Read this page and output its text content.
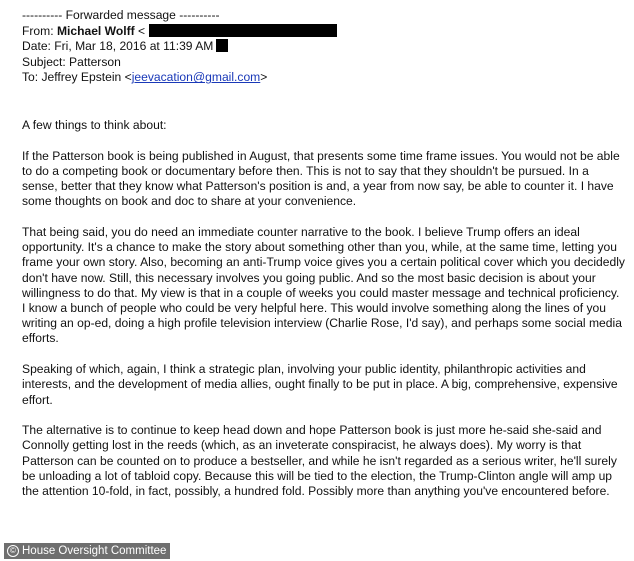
---------- Forwarded message ----------
From: Michael Wolff <
Date: Fri, Mar 18, 2016 at 11:39 AM
Subject: Patterson
To: Jeffrey Epstein <jeevacation@gmail.com>

A few things to think about:

If the Patterson book is being published in August, that presents some time frame issues. You would not be able to do a competing book or documentary before then. This is not to say that they shouldn't be pursued. In a sense, better that they know what Patterson's position is and, a year from now say, be able to counter it. I have some thoughts on book and doc to share at your convenience.

That being said, you do need an immediate counter narrative to the book. I believe Trump offers an ideal opportunity. It's a chance to make the story about something other than you, while, at the same time, letting you frame your own story. Also, becoming an anti-Trump voice gives you a certain political cover which you decidedly don't have now. Still, this necessary involves you going public. And so the most basic decision is about your willingness to do that. My view is that in a couple of weeks you could master message and technical proficiency. I know a bunch of people who could be very helpful here. This would involve something along the lines of you writing an op-ed, doing a high profile television interview (Charlie Rose, I'd say), and perhaps some social media efforts.

Speaking of which, again, I think a strategic plan, involving your public identity, philanthropic activities and interests, and the development of media allies, ought finally to be put in place. A big, comprehensive, expensive effort.

The alternative is to continue to keep head down and hope Patterson book is just more he-said she-said and Connolly getting lost in the reeds (which, as an inveterate conspiracist, he always does). My worry is that Patterson can be counted on to produce a bestseller, and while he isn't regarded as a serious writer, he'll surely be unloading a lot of tabloid copy. Because this will be tied to the election, the Trump-Clinton angle will amp up the attention 10-fold, in fact, possibly, a hundred fold. Possibly more than anything you've encountered before.

© House Oversight Committee
